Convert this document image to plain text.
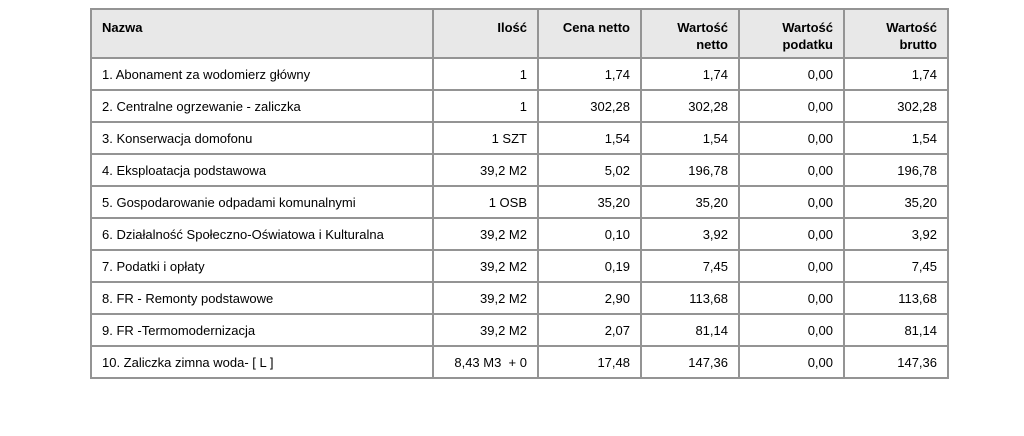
Nazwa	Ilość	Cena netto	Wartość netto	Wartość podatku	Wartość brutto
1. Abonament za wodomierz główny	1	1,74	1,74	0,00	1,74
2. Centralne ogrzewanie - zaliczka	1	302,28	302,28	0,00	302,28
3. Konserwacja domofonu	1 SZT	1,54	1,54	0,00	1,54
4. Eksploatacja podstawowa	39,2 M2	5,02	196,78	0,00	196,78
5. Gospodarowanie odpadami komunalnymi	1 OSB	35,20	35,20	0,00	35,20
6. Działalność Społeczno-Oświatowa i Kulturalna	39,2 M2	0,10	3,92	0,00	3,92
7. Podatki i opłaty	39,2 M2	0,19	7,45	0,00	7,45
8. FR - Remonty podstawowe	39,2 M2	2,90	113,68	0,00	113,68
9. FR -Termomodernizacja	39,2 M2	2,07	81,14	0,00	81,14
10. Zaliczka zimna woda- [ L ]	8,43 M3  + 0	17,48	147,36	0,00	147,36
